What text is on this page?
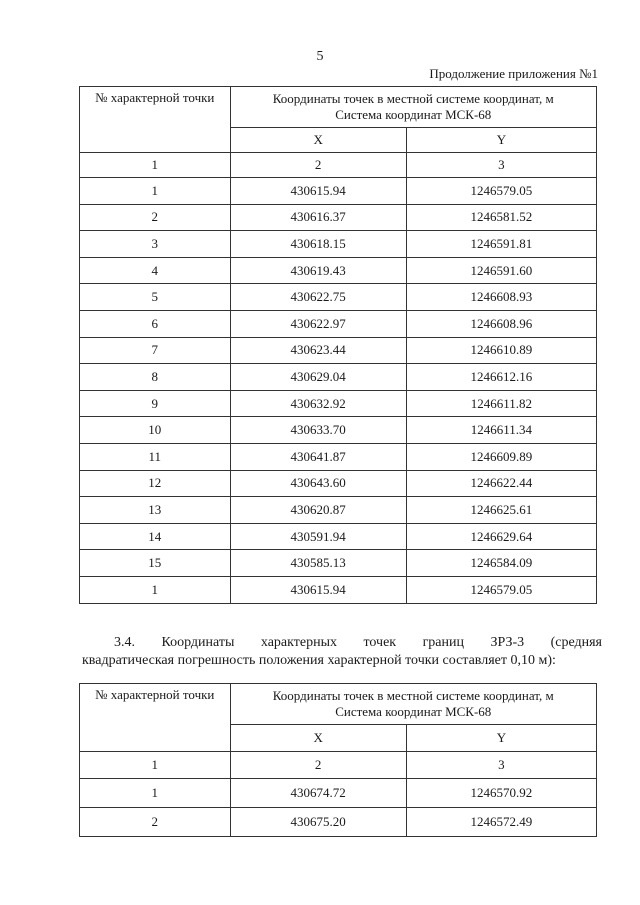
5
Продолжение приложения №1
№ характерной точки	Координаты точек в местной системе координат, м
Система координат МСК-68	

	X	Y
1	2	3
1	430615.94	1246579.05
2	430616.37	1246581.52
3	430618.15	1246591.81
4	430619.43	1246591.60
5	430622.75	1246608.93
6	430622.97	1246608.96
7	430623.44	1246610.89
8	430629.04	1246612.16
9	430632.92	1246611.82
10	430633.70	1246611.34
11	430641.87	1246609.89
12	430643.60	1246622.44
13	430620.87	1246625.61
14	430591.94	1246629.64
15	430585.13	1246584.09
1	430615.94	1246579.05
3.4. Координаты характерных точек границ ЗРЗ-3 (средняя
квадратическая погрешность положения характерной точки составляет 0,10 м):
№ характерной точки	Координаты точек в местной системе координат, м
Система координат МСК-68	

	X	Y
1	2	3
1	430674.72	1246570.92
2	430675.20	1246572.49
